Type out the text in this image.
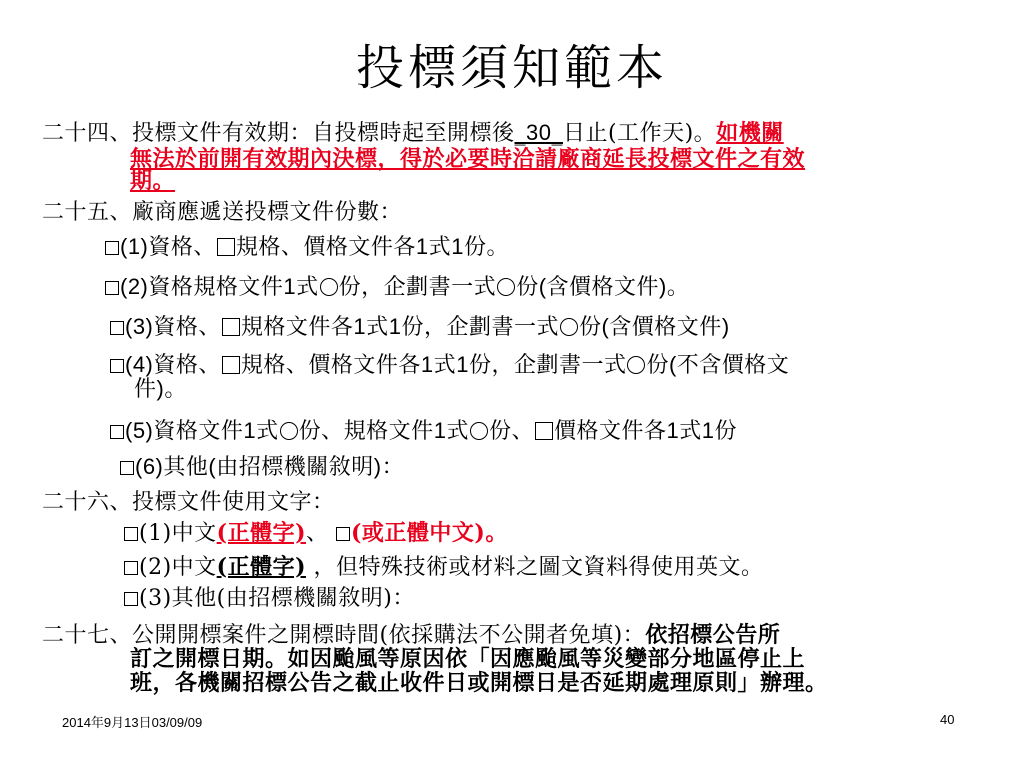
投標須知範本
二十四、投標文件有效期：自投標時起至開標後_30_日止(工作天)。如機關
無法於前開有效期內決標，得於必要時洽請廠商延長投標文件之有效
期。
二十五、廠商應遞送投標文件份數：
(1)資格、 規格、價格文件各1式1份。
(2)資格規格文件1式 份，企劃書一式 份(含價格文件)。
(3)資格、 規格文件各1式1份，企劃書一式 份(含價格文件)
(4)資格、 規格、價格文件各1式1份，企劃書一式 份(不含價格文
件)。
(5)資格文件1式 份、規格文件1式 份、 價格文件各1式1份
(6)其他(由招標機關敘明)：
二十六、投標文件使用文字：
(1)中文(正體字)、 (或正體中文)。
(2)中文(正體字) ，但特殊技術或材料之圖文資料得使用英文。
(3)其他(由招標機關敘明)：
二十七、公開開標案件之開標時間(依採購法不公開者免填)：依招標公告所
訂之開標日期。如因颱風等原因依「因應颱風等災變部分地區停止上
班，各機關招標公告之截止收件日或開標日是否延期處理原則」辦理。
2014年9月13日03/09/09	40
